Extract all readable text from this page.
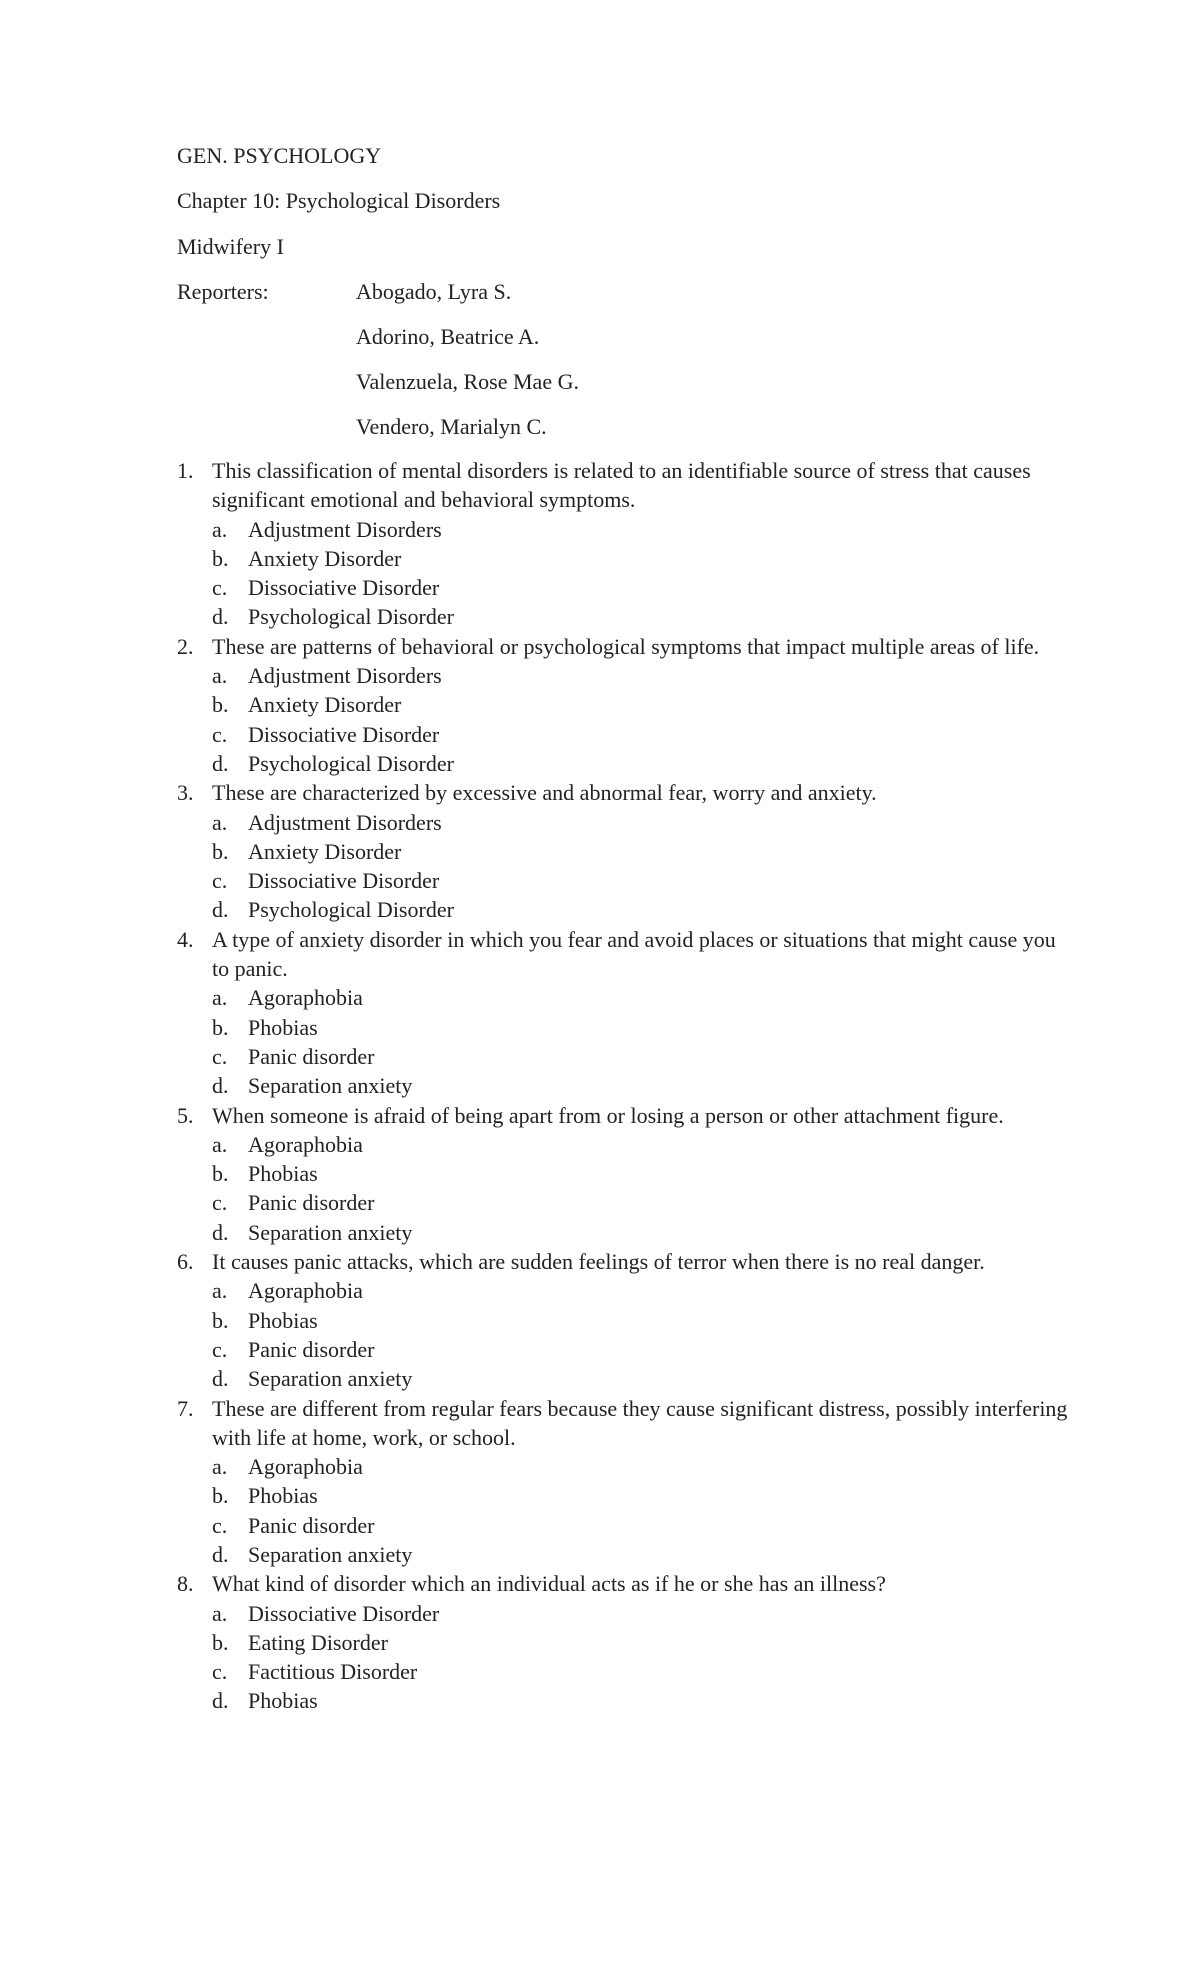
GEN. PSYCHOLOGY
Chapter 10: Psychological Disorders
Midwifery I
Reporters:	Abogado, Lyra S.
Adorino, Beatrice A.
Valenzuela, Rose Mae G.
Vendero, Marialyn C.
1. This classification of mental disorders is related to an identifiable source of stress that causes significant emotional and behavioral symptoms.
a. Adjustment Disorders
b. Anxiety Disorder
c. Dissociative Disorder
d. Psychological Disorder
2. These are patterns of behavioral or psychological symptoms that impact multiple areas of life.
a. Adjustment Disorders
b. Anxiety Disorder
c. Dissociative Disorder
d. Psychological Disorder
3. These are characterized by excessive and abnormal fear, worry and anxiety.
a. Adjustment Disorders
b. Anxiety Disorder
c. Dissociative Disorder
d. Psychological Disorder
4. A type of anxiety disorder in which you fear and avoid places or situations that might cause you to panic.
a. Agoraphobia
b. Phobias
c. Panic disorder
d. Separation anxiety
5. When someone is afraid of being apart from or losing a person or other attachment figure.
a. Agoraphobia
b. Phobias
c. Panic disorder
d. Separation anxiety
6. It causes panic attacks, which are sudden feelings of terror when there is no real danger.
a. Agoraphobia
b. Phobias
c. Panic disorder
d. Separation anxiety
7. These are different from regular fears because they cause significant distress, possibly interfering with life at home, work, or school.
a. Agoraphobia
b. Phobias
c. Panic disorder
d. Separation anxiety
8. What kind of disorder which an individual acts as if he or she has an illness?
a. Dissociative Disorder
b. Eating Disorder
c. Factitious Disorder
d. Phobias
